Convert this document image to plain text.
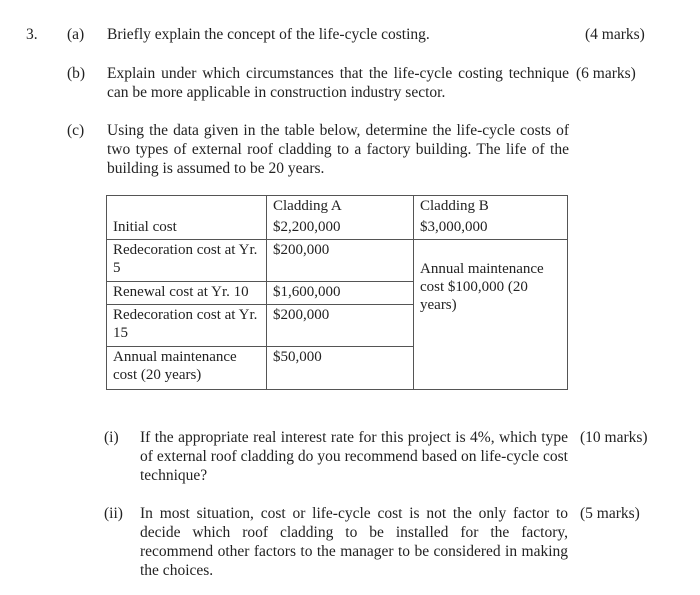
3. (a) Briefly explain the concept of the life-cycle costing.	(4 marks)
(b) Explain under which circumstances that the life-cycle costing technique can be more applicable in construction industry sector.
(6 marks)
(c) Using the data given in the table below, determine the life-cycle costs of two types of external roof cladding to a factory building. The life of the building is assumed to be 20 years.
	Cladding A	Cladding B
Initial cost	$2,200,000	$3,000,000
Redecoration cost at Yr. 5	$200,000	Annual maintenance cost $100,000 (20 years)
Renewal cost at Yr. 10	$1,600,000	
Redecoration cost at Yr. 15	$200,000	
Annual maintenance cost (20 years)	$50,000	
(i) If the appropriate real interest rate for this project is 4%, which type of external roof cladding do you recommend based on life-cycle cost technique?
(10 marks)
(ii) In most situation, cost or life-cycle cost is not the only factor to decide which roof cladding to be installed for the factory, recommend other factors to the manager to be considered in making the choices.
(5 marks)
